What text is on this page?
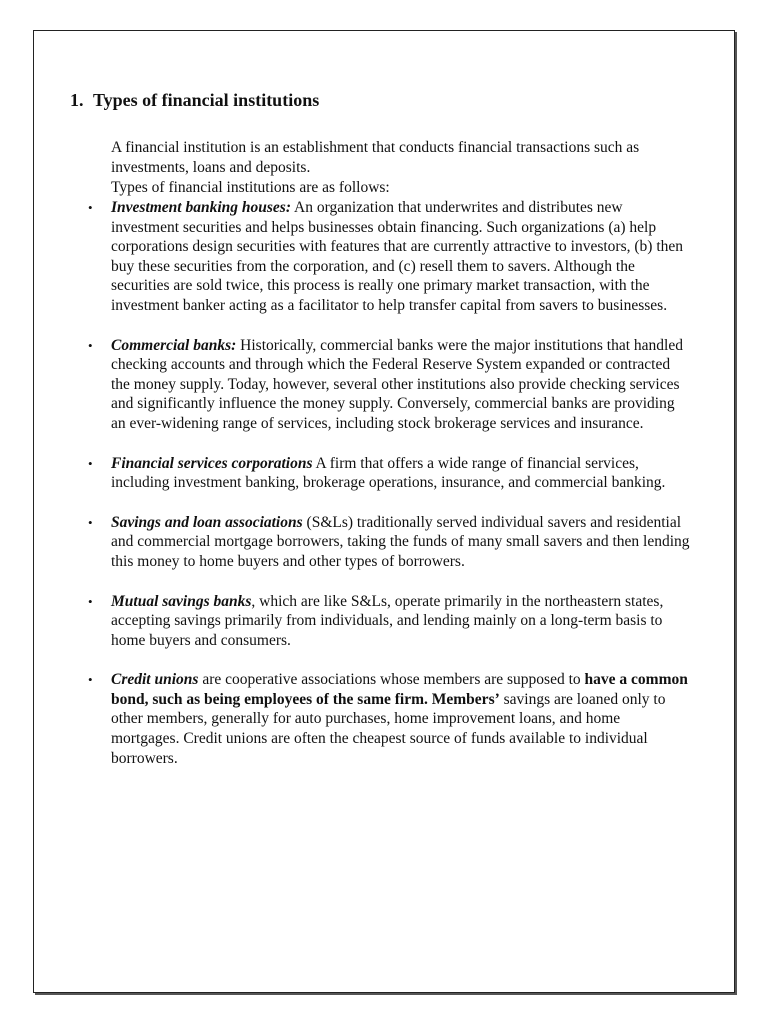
1. Types of financial institutions

A financial institution is an establishment that conducts financial transactions such as investments, loans and deposits.

Types of financial institutions are as follows:

• Investment banking houses: An organization that underwrites and distributes new investment securities and helps businesses obtain financing. Such organizations (a) help corporations design securities with features that are currently attractive to investors, (b) then buy these securities from the corporation, and (c) resell them to savers. Although the securities are sold twice, this process is really one primary market transaction, with the investment banker acting as a facilitator to help transfer capital from savers to businesses.
• Commercial banks: Historically, commercial banks were the major institutions that handled checking accounts and through which the Federal Reserve System expanded or contracted the money supply. Today, however, several other institutions also provide checking services and significantly influence the money supply. Conversely, commercial banks are providing an ever-widening range of services, including stock brokerage services and insurance.
• Financial services corporations A firm that offers a wide range of financial services, including investment banking, brokerage operations, insurance, and commercial banking.
• Savings and loan associations (S&Ls) traditionally served individual savers and residential and commercial mortgage borrowers, taking the funds of many small savers and then lending this money to home buyers and other types of borrowers.
• Mutual savings banks, which are like S&Ls, operate primarily in the northeastern states, accepting savings primarily from individuals, and lending mainly on a long-term basis to home buyers and consumers.
• Credit unions are cooperative associations whose members are supposed to have a common bond, such as being employees of the same firm. Members’ savings are loaned only to other members, generally for auto purchases, home improvement loans, and home mortgages. Credit unions are often the cheapest source of funds available to individual borrowers.
